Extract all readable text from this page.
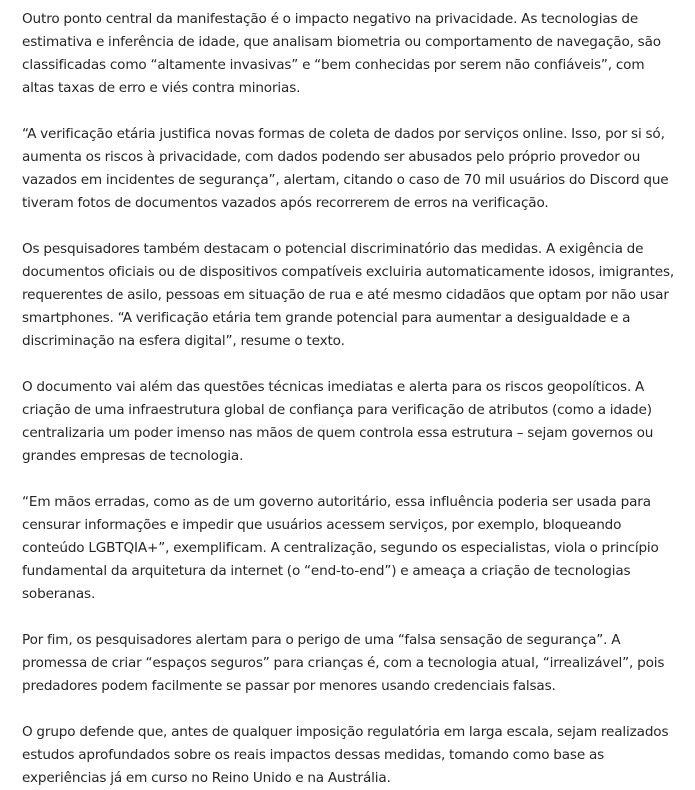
Outro ponto central da manifestação é o impacto negativo na privacidade. As tecnologias de estimativa e inferência de idade, que analisam biometria ou comportamento de navegação, são classificadas como “altamente invasivas” e “bem conhecidas por serem não confiáveis”, com altas taxas de erro e viés contra minorias.

“A verificação etária justifica novas formas de coleta de dados por serviços online. Isso, por si só, aumenta os riscos à privacidade, com dados podendo ser abusados pelo próprio provedor ou vazados em incidentes de segurança”, alertam, citando o caso de 70 mil usuários do Discord que tiveram fotos de documentos vazados após recorrerem de erros na verificação.

Os pesquisadores também destacam o potencial discriminatório das medidas. A exigência de documentos oficiais ou de dispositivos compatíveis excluiria automaticamente idosos, imigrantes, requerentes de asilo, pessoas em situação de rua e até mesmo cidadãos que optam por não usar smartphones. “A verificação etária tem grande potencial para aumentar a desigualdade e a discriminação na esfera digital”, resume o texto.

O documento vai além das questões técnicas imediatas e alerta para os riscos geopolíticos. A criação de uma infraestrutura global de confiança para verificação de atributos (como a idade) centralizaria um poder imenso nas mãos de quem controla essa estrutura – sejam governos ou grandes empresas de tecnologia.

“Em mãos erradas, como as de um governo autoritário, essa influência poderia ser usada para censurar informações e impedir que usuários acessem serviços, por exemplo, bloqueando conteúdo LGBTQIA+”, exemplificam. A centralização, segundo os especialistas, viola o princípio fundamental da arquitetura da internet (o “end-to-end”) e ameaça a criação de tecnologias soberanas.

Por fim, os pesquisadores alertam para o perigo de uma “falsa sensação de segurança”. A promessa de criar “espaços seguros” para crianças é, com a tecnologia atual, “irrealizável”, pois predadores podem facilmente se passar por menores usando credenciais falsas.

O grupo defende que, antes de qualquer imposição regulatória em larga escala, sejam realizados estudos aprofundados sobre os reais impactos dessas medidas, tomando como base as experiências já em curso no Reino Unido e na Austrália.
